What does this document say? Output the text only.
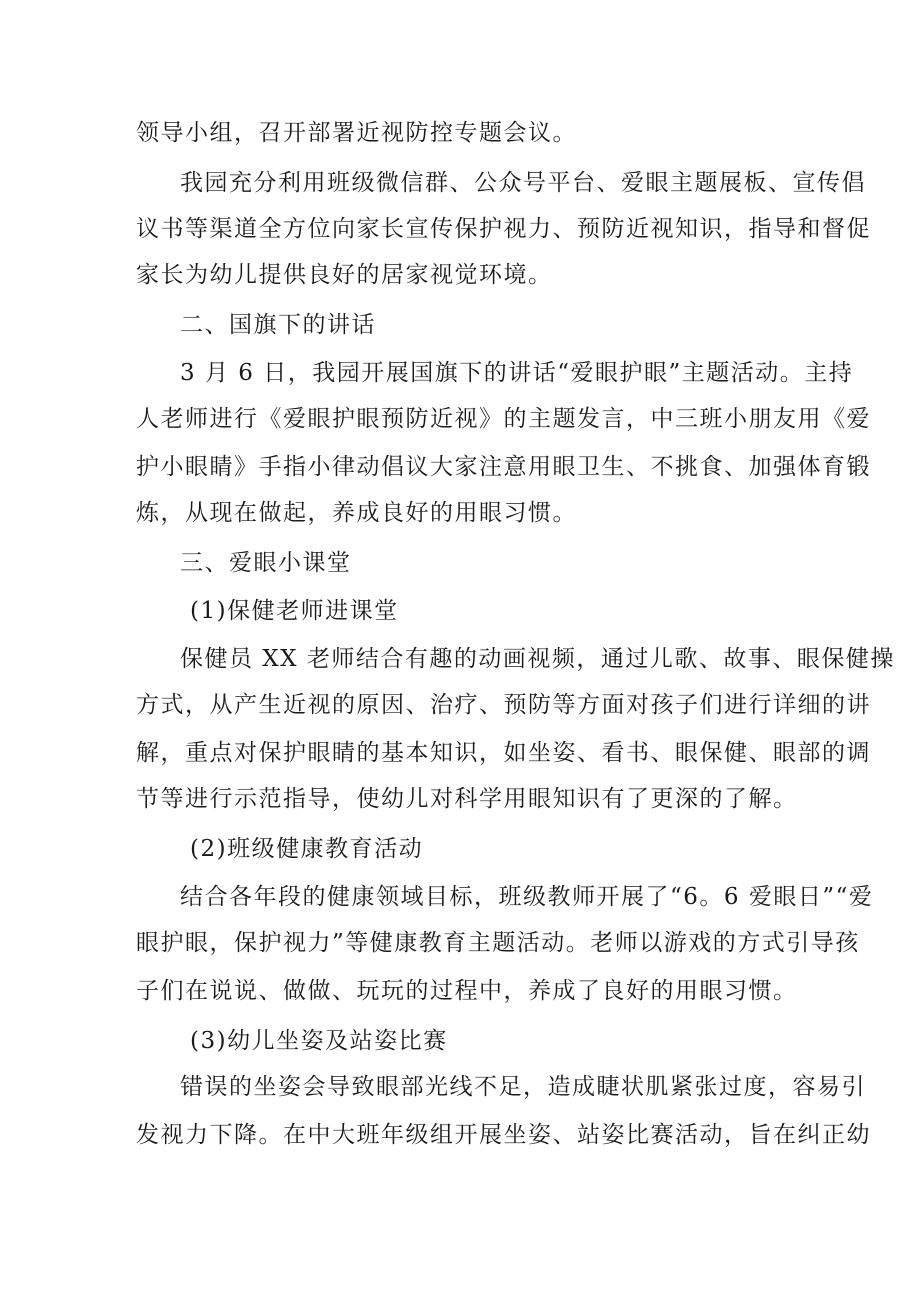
领导小组，召开部署近视防控专题会议。
我园充分利用班级微信群、公众号平台、爱眼主题展板、宣传倡
议书等渠道全方位向家长宣传保护视力、预防近视知识，指导和督促
家长为幼儿提供良好的居家视觉环境。
二、国旗下的讲话
3 月 6 日，我园开展国旗下的讲话“爱眼护眼”主题活动。主持
人老师进行《爱眼护眼预防近视》的主题发言，中三班小朋友用《爱
护小眼睛》手指小律动倡议大家注意用眼卫生、不挑食、加强体育锻
炼，从现在做起，养成良好的用眼习惯。
三、爱眼小课堂
(1)保健老师进课堂
保健员 XX 老师结合有趣的动画视频，通过儿歌、故事、眼保健操
方式，从产生近视的原因、治疗、预防等方面对孩子们进行详细的讲
解，重点对保护眼睛的基本知识，如坐姿、看书、眼保健、眼部的调
节等进行示范指导，使幼儿对科学用眼知识有了更深的了解。
(2)班级健康教育活动
结合各年段的健康领域目标，班级教师开展了“6。6 爱眼日”“爱
眼护眼，保护视力”等健康教育主题活动。老师以游戏的方式引导孩
子们在说说、做做、玩玩的过程中，养成了良好的用眼习惯。
(3)幼儿坐姿及站姿比赛
错误的坐姿会导致眼部光线不足，造成睫状肌紧张过度，容易引
发视力下降。在中大班年级组开展坐姿、站姿比赛活动，旨在纠正幼
